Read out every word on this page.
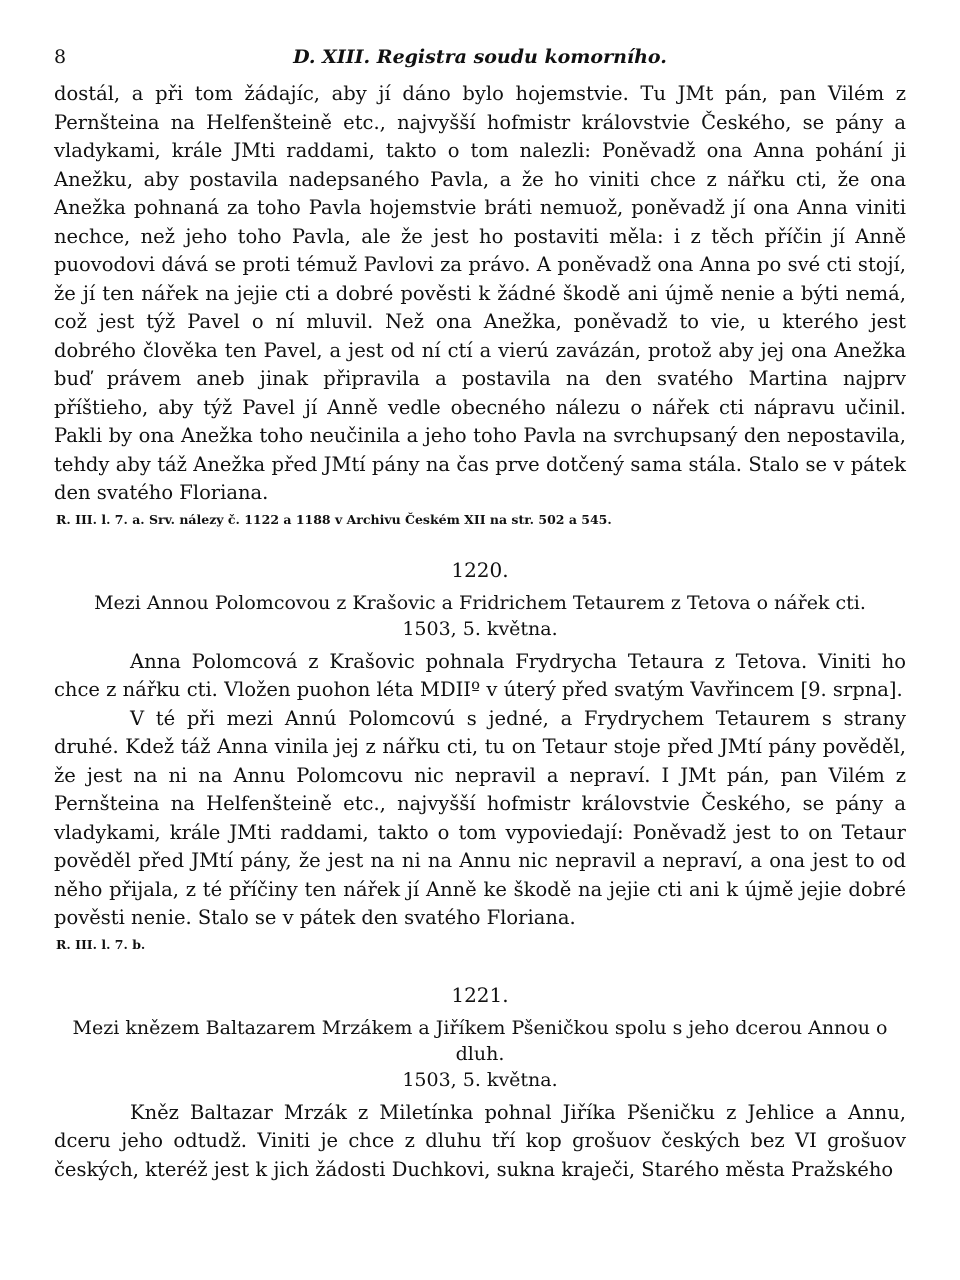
8	D. XIII. Registra soudu komorního.

dostál, a při tom žádajíc, aby jí dáno bylo hojemstvie. Tu JMt pán, pan Vilém z Pernšteina na Helfenšteině etc., najvyšší hofmistr královstvie Českého, se pány a vladykami, krále JMti raddami, takto o tom nalezli: Poněvadž ona Anna pohání ji Anežku, aby postavila nadepsaného Pavla, a že ho viniti chce z nářku cti, že ona Anežka pohnaná za toho Pavla hojemstvie bráti nemuož, poněvadž jí ona Anna viniti nechce, než jeho toho Pavla, ale že jest ho postaviti měla: i z těch příčin jí Anně puovodovi dává se proti témuž Pavlovi za právo. A poněvadž ona Anna po své cti stojí, že jí ten nářek na jejie cti a dobré pověsti k žádné škodě ani újmě nenie a býti nemá, což jest týž Pavel o ní mluvil. Než ona Anežka, poněvadž to vie, u kterého jest dobrého člověka ten Pavel, a jest od ní ctí a vierú zavázán, protož aby jej ona Anežka buď právem aneb jinak připravila a postavila na den svatého Martina najprv příštieho, aby týž Pavel jí Anně vedle obecného nálezu o nářek cti nápravu učinil. Pakli by ona Anežka toho neučinila a jeho toho Pavla na svrchupsaný den nepostavila, tehdy aby táž Anežka před JMtí pány na čas prve dotčený sama stála. Stalo se v pátek den svatého Floriana.

R. III. l. 7. a. Srv. nálezy č. 1122 a 1188 v Archivu Českém XII na str. 502 a 545.
1220.
Mezi Annou Polomcovou z Krašovic a Fridrichem Tetaurem z Tetova o nářek cti.
1503, 5. května.

Anna Polomcová z Krašovic pohnala Frydrycha Tetaura z Tetova. Viniti ho chce z nářku cti. Vložen puohon léta MDIIº v úterý před svatým Vavřincem [9. srpna].

V té při mezi Annú Polomcovú s jedné, a Frydrychem Tetaurem s strany druhé. Kdež táž Anna vinila jej z nářku cti, tu on Tetaur stoje před JMtí pány pověděl, že jest na ni na Annu Polomcovu nic nepravil a nepraví. I JMt pán, pan Vilém z Pernšteina na Helfenšteině etc., najvyšší hofmistr královstvie Českého, se pány a vladykami, krále JMti raddami, takto o tom vypoviedají: Poněvadž jest to on Tetaur pověděl před JMtí pány, že jest na ni na Annu nic nepravil a nepraví, a ona jest to od něho přijala, z té příčiny ten nářek jí Anně ke škodě na jejie cti ani k újmě jejie dobré pověsti nenie. Stalo se v pátek den svatého Floriana.

R. III. l. 7. b.
1221.
Mezi knězem Baltazarem Mrzákem a Jiříkem Pšeničkou spolu s jeho dcerou Annou o dluh.
1503, 5. května.

Kněz Baltazar Mrzák z Miletínka pohnal Jiříka Pšeničku z Jehlice a Annu, dceru jeho odtudž. Viniti je chce z dluhu tří kop grošuov českých bez VI grošuov českých, kteréž jest k jich žádosti Duchkovi, sukna kraječi, Starého města Pražského
